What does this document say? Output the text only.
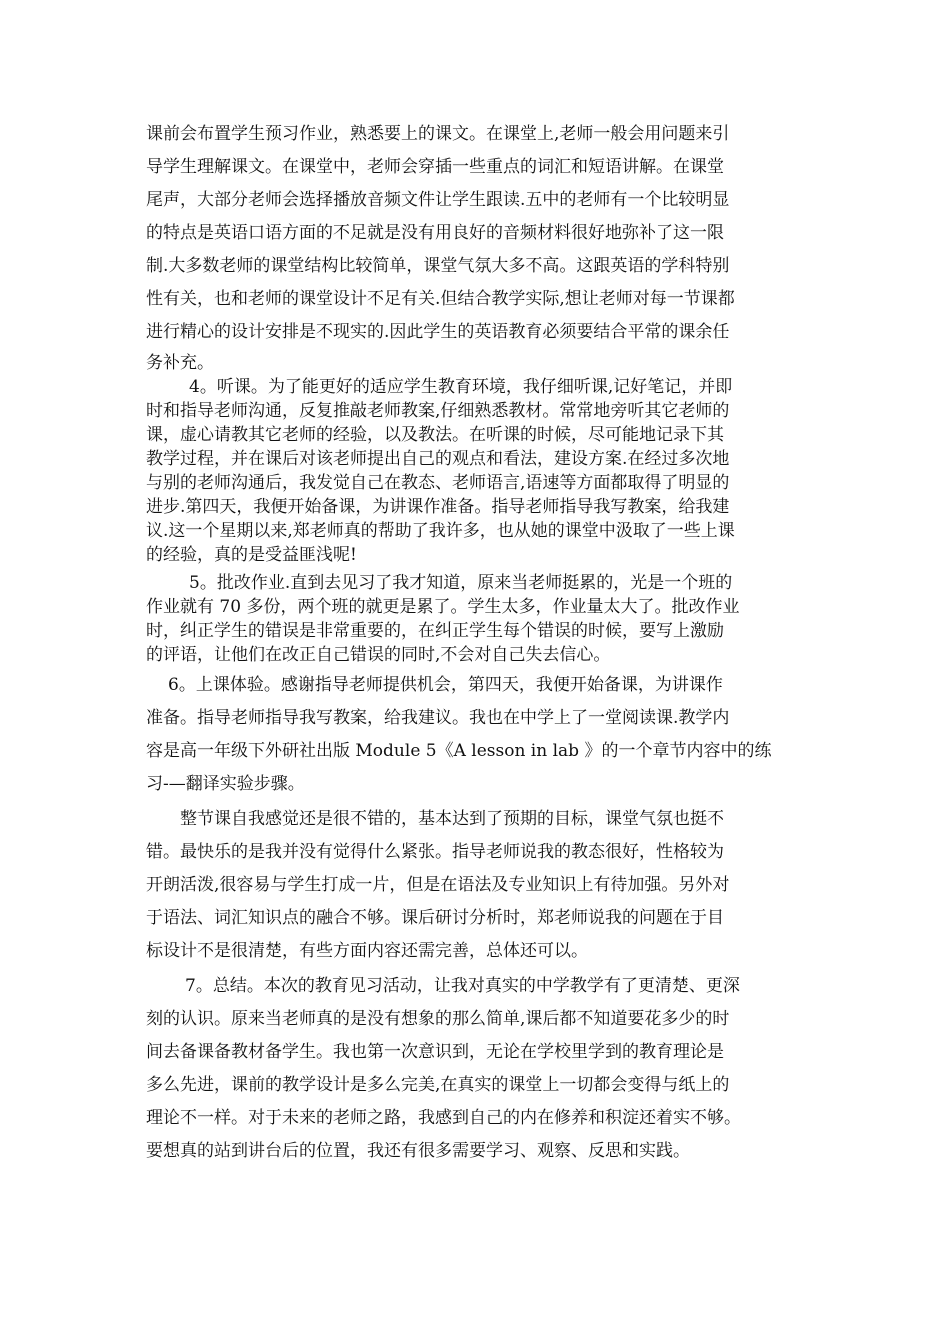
课前会布置学生预习作业，熟悉要上的课文。在课堂上,老师一般会用问题来引
导学生理解课文。在课堂中，老师会穿插一些重点的词汇和短语讲解。在课堂
尾声，大部分老师会选择播放音频文件让学生跟读.五中的老师有一个比较明显
的特点是英语口语方面的不足就是没有用良好的音频材料很好地弥补了这一限
制.大多数老师的课堂结构比较简单，课堂气氛大多不高。这跟英语的学科特别
性有关，也和老师的课堂设计不足有关.但结合教学实际,想让老师对每一节课都
进行精心的设计安排是不现实的.因此学生的英语教育必须要结合平常的课余任
务补充。
4。听课。为了能更好的适应学生教育环境，我仔细听课,记好笔记，并即
时和指导老师沟通，反复推敲老师教案,仔细熟悉教材。常常地旁听其它老师的
课，虚心请教其它老师的经验，以及教法。在听课的时候，尽可能地记录下其
教学过程，并在课后对该老师提出自己的观点和看法，建设方案.在经过多次地
与别的老师沟通后，我发觉自己在教态、老师语言,语速等方面都取得了明显的
进步.第四天，我便开始备课，为讲课作准备。指导老师指导我写教案，给我建
议.这一个星期以来,郑老师真的帮助了我许多，也从她的课堂中汲取了一些上课
的经验，真的是受益匪浅呢!
5。批改作业.直到去见习了我才知道，原来当老师挺累的，光是一个班的
作业就有 70 多份，两个班的就更是累了。学生太多，作业量太大了。批改作业
时，纠正学生的错误是非常重要的，在纠正学生每个错误的时候，要写上激励
的评语，让他们在改正自己错误的同时,不会对自己失去信心。
6。上课体验。感谢指导老师提供机会，第四天，我便开始备课，为讲课作
准备。指导老师指导我写教案，给我建议。我也在中学上了一堂阅读课.教学内
容是高一年级下外研社出版 Module 5《A lesson in lab 》的一个章节内容中的练
习-—翻译实验步骤。
整节课自我感觉还是很不错的，基本达到了预期的目标，课堂气氛也挺不
错。最快乐的是我并没有觉得什么紧张。指导老师说我的教态很好，性格较为
开朗活泼,很容易与学生打成一片，但是在语法及专业知识上有待加强。另外对
于语法、词汇知识点的融合不够。课后研讨分析时，郑老师说我的问题在于目
标设计不是很清楚，有些方面内容还需完善，总体还可以。
7。总结。本次的教育见习活动，让我对真实的中学教学有了更清楚、更深
刻的认识。原来当老师真的是没有想象的那么简单,课后都不知道要花多少的时
间去备课备教材备学生。我也第一次意识到，无论在学校里学到的教育理论是
多么先进，课前的教学设计是多么完美,在真实的课堂上一切都会变得与纸上的
理论不一样。对于未来的老师之路，我感到自己的内在修养和积淀还着实不够。
要想真的站到讲台后的位置，我还有很多需要学习、观察、反思和实践。
